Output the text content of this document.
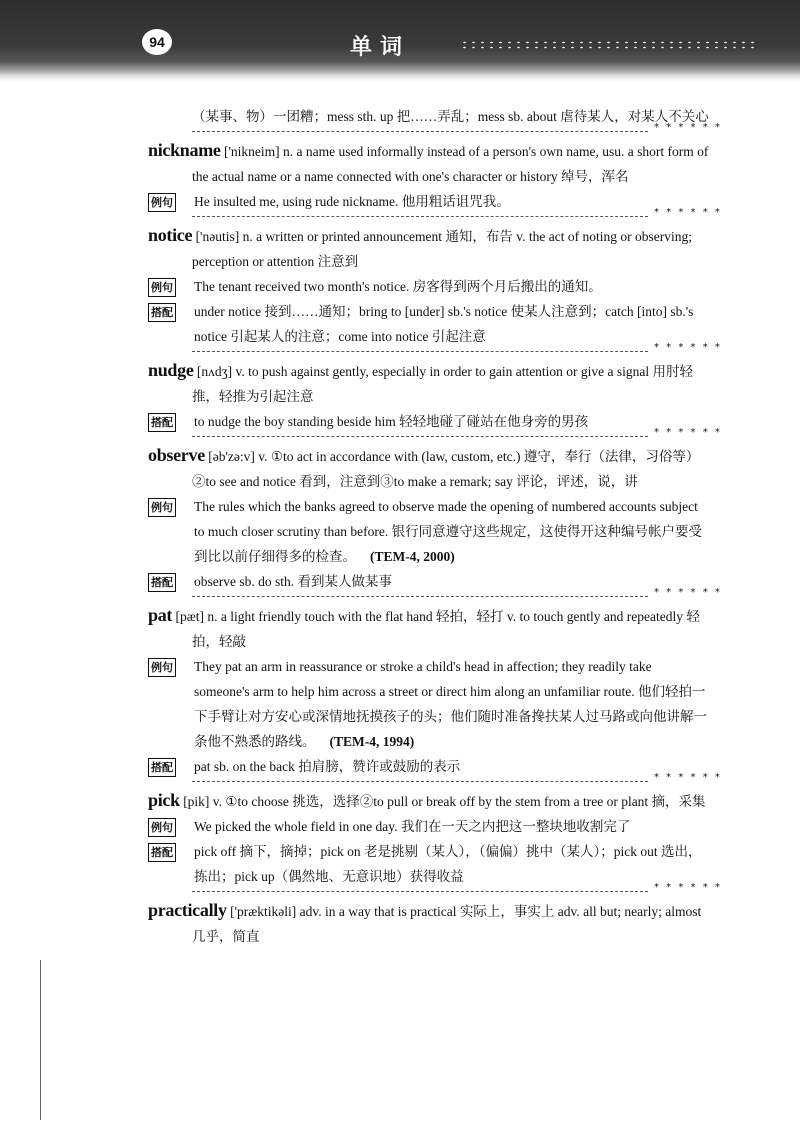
94	单词
（某事、物）一团糟；mess sth. up 把……弄乱；mess sb. about 虐待某人，对某人不关心
* * * * * *
nickname ['nikneim] n. a name used informally instead of a person's own name, usu. a short form of the actual name or a name connected with one's character or history 绰号，浑名
例句 He insulted me, using rude nickname. 他用粗话诅咒我。
* * * * * *
notice ['nəutis] n. a written or printed announcement 通知，布告 v. the act of noting or observing; perception or attention 注意到
例句 The tenant received two month's notice. 房客得到两个月后搬出的通知。
搭配 under notice 接到……通知；bring to [under] sb.'s notice 使某人注意到；catch [into] sb.'s notice 引起某人的注意；come into notice 引起注意
* * * * * *
nudge [nʌdʒ] v. to push against gently, especially in order to gain attention or give a signal 用肘轻推，轻推为引起注意
搭配 to nudge the boy standing beside him 轻轻地碰了碰站在他身旁的男孩
* * * * * *
observe [əb'zə:v] v. ①to act in accordance with (law, custom, etc.) 遵守，奉行（法律，习俗等）②to see and notice 看到，注意到③to make a remark; say 评论，评述，说，讲
例句 The rules which the banks agreed to observe made the opening of numbered accounts subject to much closer scrutiny than before. 银行同意遵守这些规定，这使得开这种编号帐户要受到比以前仔细得多的检查。 (TEM-4, 2000)
搭配 observe sb. do sth. 看到某人做某事
* * * * * *
pat [pæt] n. a light friendly touch with the flat hand 轻拍，轻打 v. to touch gently and repeatedly 轻拍，轻敲
例句 They pat an arm in reassurance or stroke a child's head in affection; they readily take someone's arm to help him across a street or direct him along an unfamiliar route. 他们轻拍一下手臂让对方安心或深情地抚摸孩子的头；他们随时准备搀扶某人过马路或向他讲解一条他不熟悉的路线。 (TEM-4, 1994)
搭配 pat sb. on the back 拍肩膀，赞许或鼓励的表示
* * * * * *
pick [pik] v. ①to choose 挑选，选择②to pull or break off by the stem from a tree or plant 摘，采集
例句 We picked the whole field in one day. 我们在一天之内把这一整块地收割完了
搭配 pick off 摘下，摘掉；pick on 老是挑剔（某人），（偏偏）挑中（某人）；pick out 选出，拣出；pick up（偶然地、无意识地）获得收益
* * * * * *
practically ['præktikəli] adv. in a way that is practical 实际上，事实上 adv. all but; nearly; almost 几乎，简直
